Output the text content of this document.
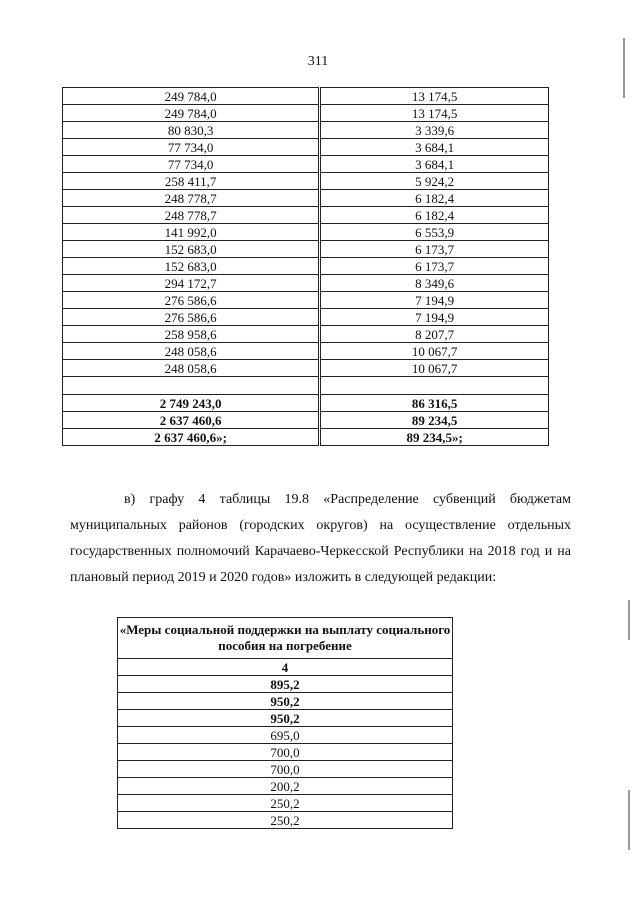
311
249 784,0	13 174,5
249 784,0	13 174,5
80 830,3	3 339,6
77 734,0	3 684,1
77 734,0	3 684,1
258 411,7	5 924,2
248 778,7	6 182,4
248 778,7	6 182,4
141 992,0	6 553,9
152 683,0	6 173,7
152 683,0	6 173,7
294 172,7	8 349,6
276 586,6	7 194,9
276 586,6	7 194,9
258 958,6	8 207,7
248 058,6	10 067,7
248 058,6	10 067,7

2 749 243,0	86 316,5
2 637 460,6	89 234,5
2 637 460,6»;	89 234,5»;
в) графу 4 таблицы 19.8 «Распределение субвенций бюджетам муниципальных районов (городских округов) на осуществление отдельных государственных полномочий Карачаево-Черкесской Республики на 2018 год и на плановый период 2019 и 2020 годов» изложить в следующей редакции:
«Меры социальной поддержки на выплату социального пособия на погребение
4
895,2
950,2
950,2
695,0
700,0
700,0
200,2
250,2
250,2
